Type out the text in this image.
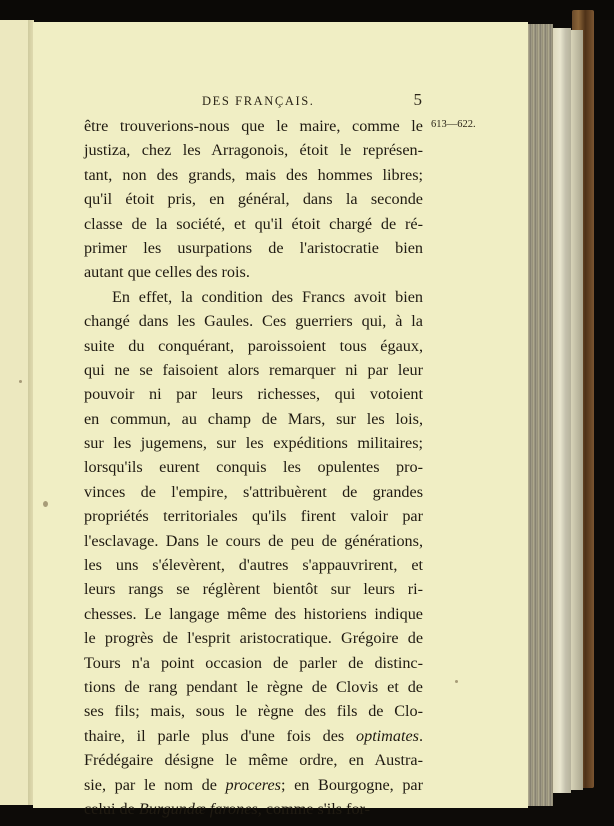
DES FRANÇAIS.	5
613—622.
être trouverions-nous que le maire, comme le
justiza, chez les Arragonois, étoit le représen-
tant, non des grands, mais des hommes libres;
qu'il étoit pris, en général, dans la seconde
classe de la société, et qu'il étoit chargé de ré-
primer les usurpations de l'aristocratie bien
autant que celles des rois.
En effet, la condition des Francs avoit bien
changé dans les Gaules. Ces guerriers qui, à la
suite du conquérant, paroissoient tous égaux,
qui ne se faisoient alors remarquer ni par leur
pouvoir ni par leurs richesses, qui votoient
en commun, au champ de Mars, sur les lois,
sur les jugemens, sur les expéditions militaires;
lorsqu'ils eurent conquis les opulentes pro-
vinces de l'empire, s'attribuèrent de grandes
propriétés territoriales qu'ils firent valoir par
l'esclavage. Dans le cours de peu de générations,
les uns s'élevèrent, d'autres s'appauvrirent, et
leurs rangs se réglèrent bientôt sur leurs ri-
chesses. Le langage même des historiens indique
le progrès de l'esprit aristocratique. Grégoire de
Tours n'a point occasion de parler de distinc-
tions de rang pendant le règne de Clovis et de
ses fils; mais, sous le règne des fils de Clo-
thaire, il parle plus d'une fois des optimates.
Frédégaire désigne le même ordre, en Austra-
sie, par le nom de proceres; en Bourgogne, par
celui de Burgundæ farones, comme s'ils for-
